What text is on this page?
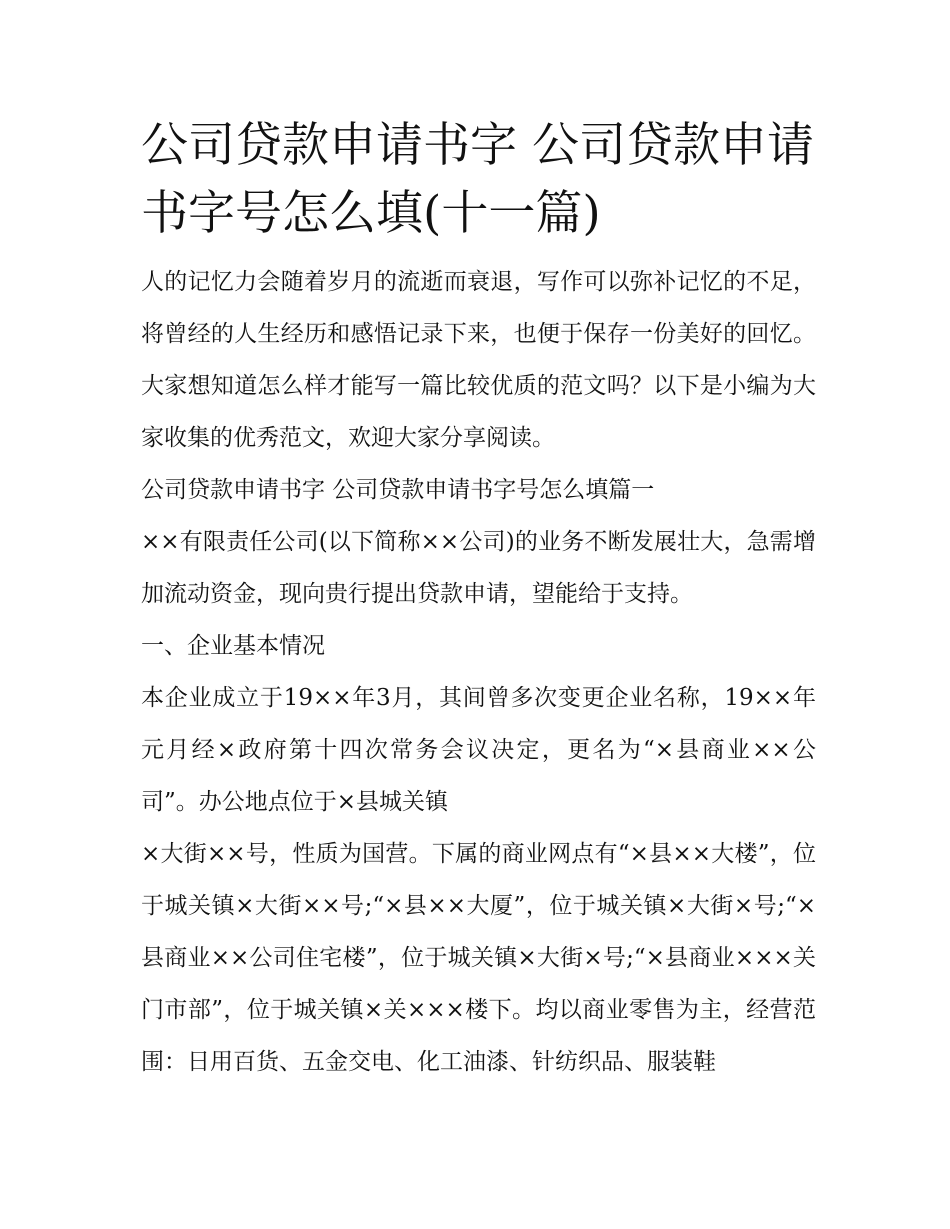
公司贷款申请书字 公司贷款申请书字号怎么填(十一篇)

人的记忆力会随着岁月的流逝而衰退，写作可以弥补记忆的不足，将曾经的人生经历和感悟记录下来，也便于保存一份美好的回忆。大家想知道怎么样才能写一篇比较优质的范文吗？以下是小编为大家收集的优秀范文，欢迎大家分享阅读。

公司贷款申请书字 公司贷款申请书字号怎么填篇一

××有限责任公司(以下简称××公司)的业务不断发展壮大，急需增加流动资金，现向贵行提出贷款申请，望能给于支持。

一、企业基本情况

本企业成立于19××年3月，其间曾多次变更企业名称，19××年元月经×政府第十四次常务会议决定，更名为“×县商业××公司”。办公地点位于×县城关镇

×大街××号，性质为国营。下属的商业网点有“×县××大楼”，位于城关镇×大街××号;“×县××大厦”，位于城关镇×大街×号;“×县商业××公司住宅楼”，位于城关镇×大街×号;“×县商业×××关门市部”，位于城关镇×关×××楼下。均以商业零售为主，经营范围：日用百货、五金交电、化工油漆、针纺织品、服装鞋
